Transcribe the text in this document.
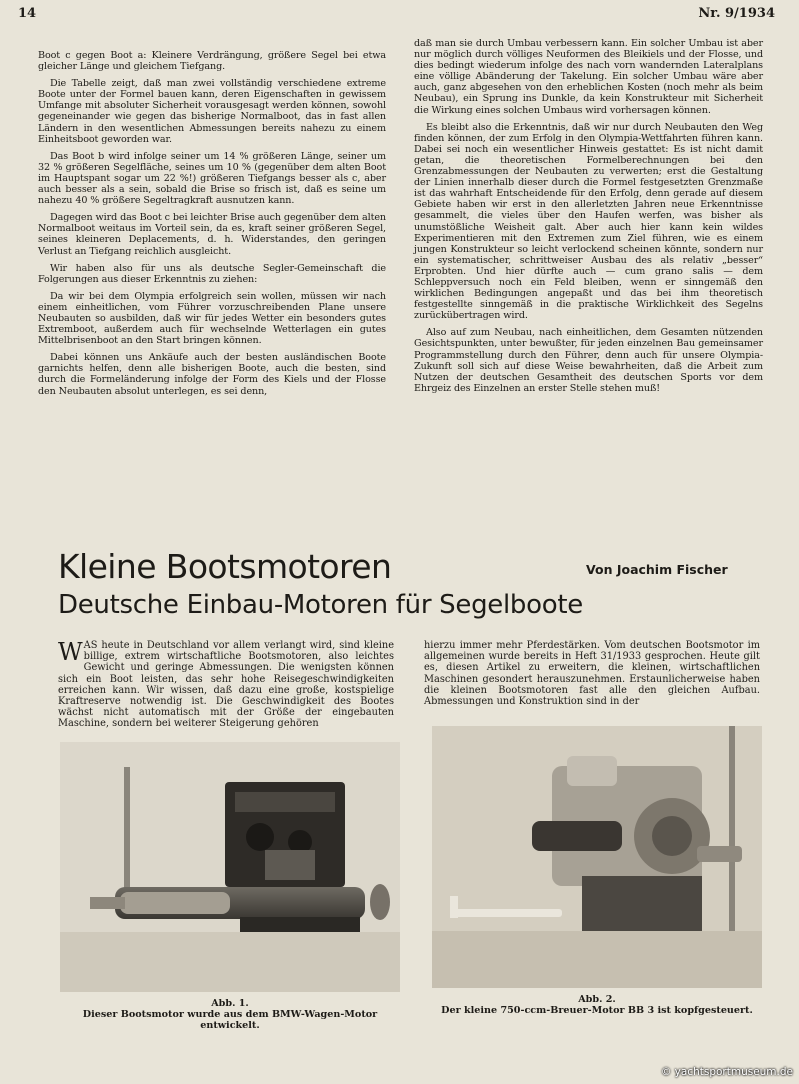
14	Nr. 9/1934

Boot c gegen Boot a: Kleinere Verdrängung, größere Segel bei etwa gleicher Länge und gleichem Tiefgang.

Die Tabelle zeigt, daß man zwei vollständig verschiedene extreme Boote unter der Formel bauen kann, deren Eigenschaften in gewissem Umfange mit absoluter Sicherheit vorausgesagt werden können, sowohl gegeneinander wie gegen das bisherige Normalboot, das in fast allen Ländern in den wesentlichen Abmessungen bereits nahezu zu einem Einheitsboot geworden war.

Das Boot b wird infolge seiner um 14 % größeren Länge, seiner um 32 % größeren Segelfläche, seines um 10 % (gegenüber dem alten Boot im Hauptspant sogar um 22 %!) größeren Tiefgangs besser als c, aber auch besser als a sein, sobald die Brise so frisch ist, daß es seine um nahezu 40 % größere Segeltragkraft ausnutzen kann.

Dagegen wird das Boot c bei leichter Brise auch gegenüber dem alten Normalboot weitaus im Vorteil sein, da es, kraft seiner größeren Segel, seines kleineren Deplacements, d. h. Widerstandes, den geringen Verlust an Tiefgang reichlich ausgleicht.

Wir haben also für uns als deutsche Segler-Gemeinschaft die Folgerungen aus dieser Erkenntnis zu ziehen:

Da wir bei dem Olympia erfolgreich sein wollen, müssen wir nach einem einheitlichen, vom Führer vorzuschreibenden Plane unsere Neubauten so ausbilden, daß wir für jedes Wetter ein besonders gutes Extremboot, außerdem auch für wechselnde Wetterlagen ein gutes Mittelbrisenboot an den Start bringen können.

Dabei können uns Ankäufe auch der besten ausländischen Boote garnichts helfen, denn alle bisherigen Boote, auch die besten, sind durch die Formeländerung infolge der Form des Kiels und der Flosse den Neubauten absolut unterlegen, es sei denn,

daß man sie durch Umbau verbessern kann. Ein solcher Umbau ist aber nur möglich durch völliges Neuformen des Bleikiels und der Flosse, und dies bedingt wiederum infolge des nach vorn wandernden Lateralplans eine völlige Abänderung der Takelung. Ein solcher Umbau wäre aber auch, ganz abgesehen von den erheblichen Kosten (noch mehr als beim Neubau), ein Sprung ins Dunkle, da kein Konstrukteur mit Sicherheit die Wirkung eines solchen Umbaus wird vorhersagen können.

Es bleibt also die Erkenntnis, daß wir nur durch Neubauten den Weg finden können, der zum Erfolg in den Olympia-Wettfahrten führen kann. Dabei sei noch ein wesentlicher Hinweis gestattet: Es ist nicht damit getan, die theoretischen Formelberechnungen bei den Grenzabmessungen der Neubauten zu verwerten; erst die Gestaltung der Linien innerhalb dieser durch die Formel festgesetzten Grenzmaße ist das wahrhaft Entscheidende für den Erfolg, denn gerade auf diesem Gebiete haben wir erst in den allerletzten Jahren neue Erkenntnisse gesammelt, die vieles über den Haufen werfen, was bisher als unumstößliche Weisheit galt. Aber auch hier kann kein wildes Experimentieren mit den Extremen zum Ziel führen, wie es einem jungen Konstrukteur so leicht verlockend scheinen könnte, sondern nur ein systematischer, schrittweiser Ausbau des als relativ „besser“ Erprobten. Und hier dürfte auch — cum grano salis — dem Schleppversuch noch ein Feld bleiben, wenn er sinngemäß den wirklichen Bedingungen angepaßt und das bei ihm theoretisch festgestellte sinngemäß in die praktische Wirklichkeit des Segelns zurückübertragen wird.

Also auf zum Neubau, nach einheitlichen, dem Gesamten nützenden Gesichtspunkten, unter bewußter, für jeden einzelnen Bau gemeinsamer Programmstellung durch den Führer, denn auch für unsere Olympia-Zukunft soll sich auf diese Weise bewahrheiten, daß die Arbeit zum Nutzen der deutschen Gesamtheit des deutschen Sports vor dem Ehrgeiz des Einzelnen an erster Stelle stehen muß!

Kleine Bootsmotoren	Von Joachim Fischer
Deutsche Einbau-Motoren für Segelboote
WAS heute in Deutschland vor allem verlangt wird, sind kleine billige, extrem wirtschaftliche Bootsmotoren, also leichtes Gewicht und geringe Abmessungen. Die wenigsten können sich ein Boot leisten, das sehr hohe Reisegeschwindigkeiten erreichen kann. Wir wissen, daß dazu eine große, kostspielige Kraftreserve notwendig ist. Die Geschwindigkeit des Bootes wächst nicht automatisch mit der Größe der eingebauten Maschine, sondern bei weiterer Steigerung gehören
hierzu immer mehr Pferdestärken. Vom deutschen Bootsmotor im allgemeinen wurde bereits in Heft 31/1933 gesprochen. Heute gilt es, diesen Artikel zu erweitern, die kleinen, wirtschaftlichen Maschinen gesondert herauszunehmen. Erstaunlicherweise haben die kleinen Bootsmotoren fast alle den gleichen Aufbau. Abmessungen und Konstruktion sind in der
Abb. 1.
Dieser Bootsmotor wurde aus dem BMW-Wagen-Motor entwickelt.
Abb. 2.
Der kleine 750-ccm-Breuer-Motor BB 3 ist kopfgesteuert.
© yachtsportmuseum.de
